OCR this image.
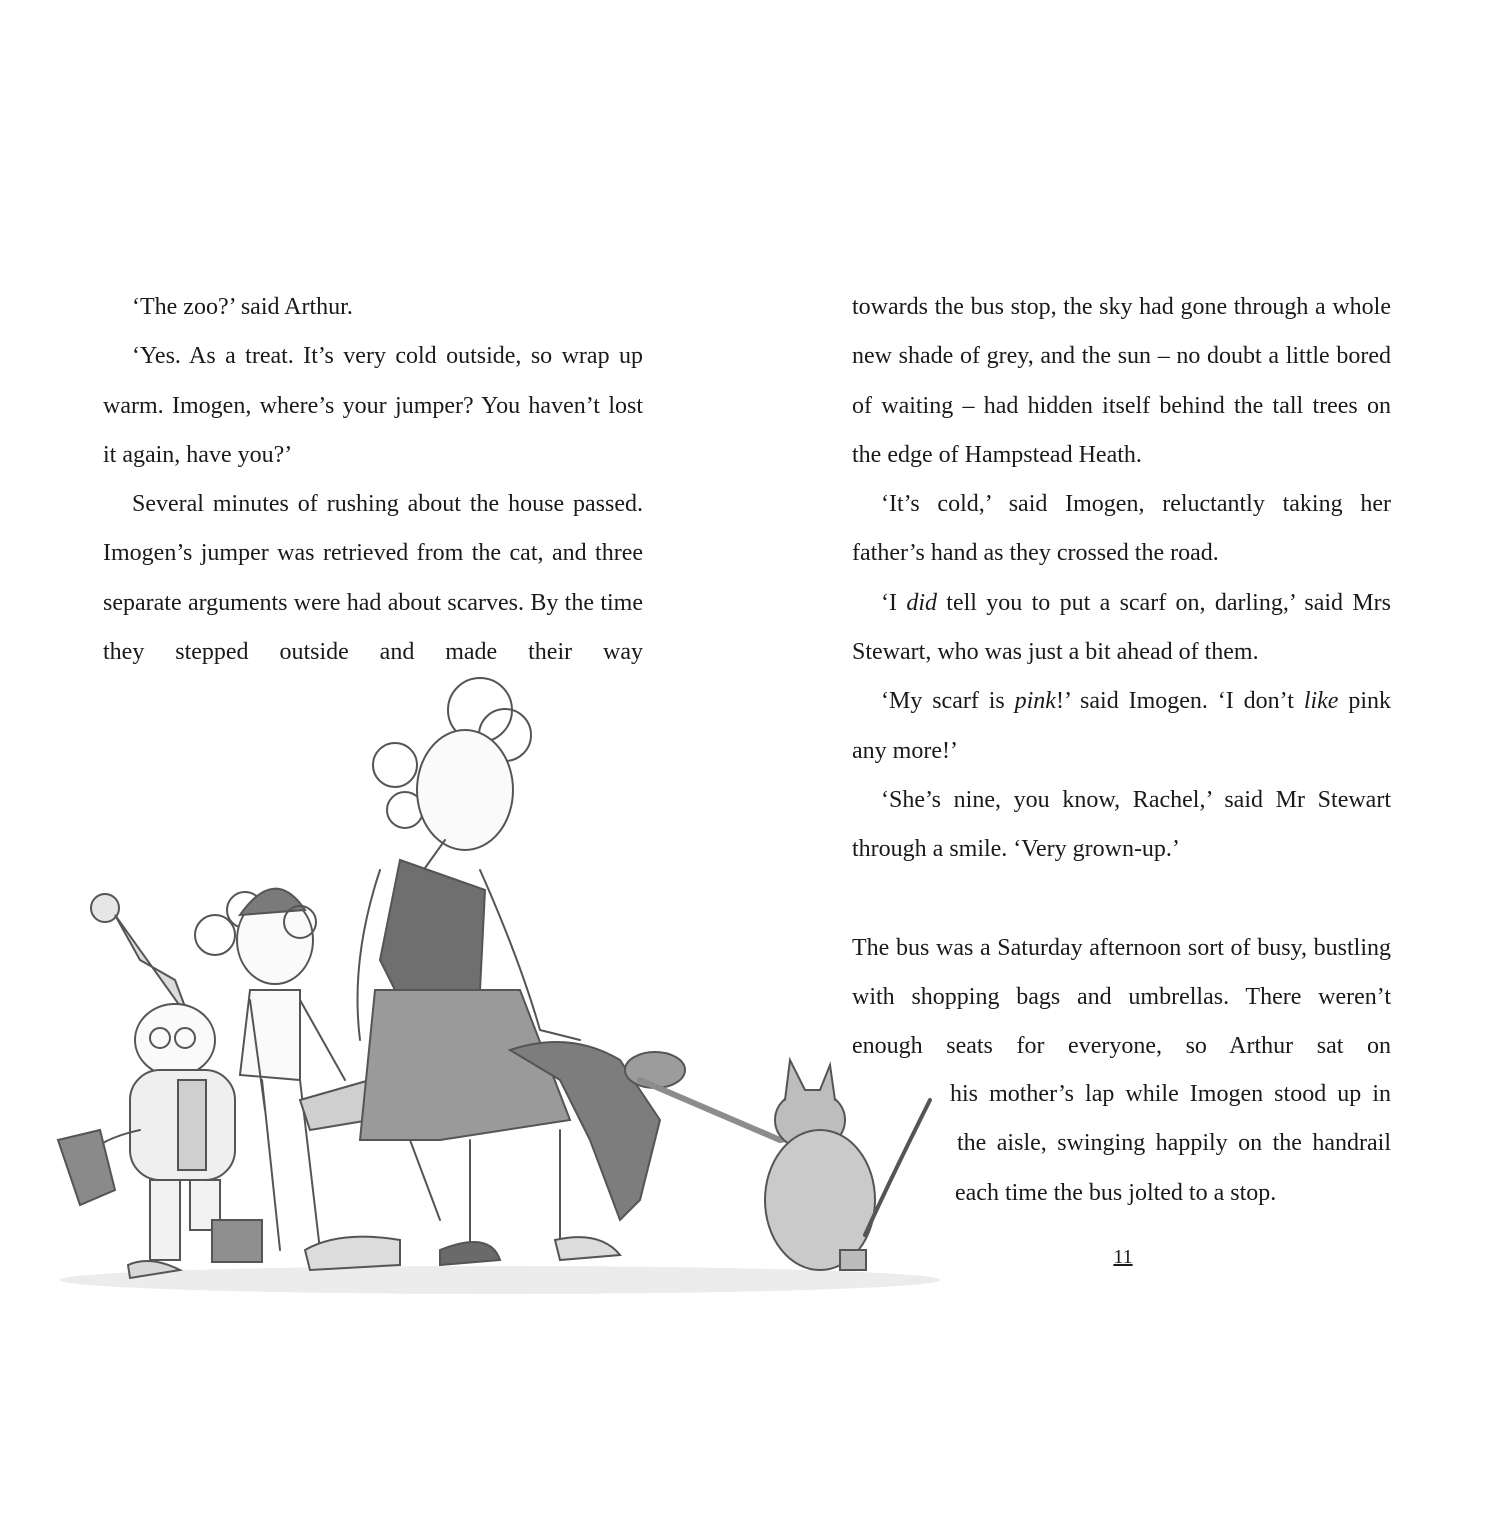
‘The zoo?’ said Arthur.

‘Yes. As a treat. It’s very cold outside, so wrap up warm. Imogen, where’s your jumper? You haven’t lost it again, have you?’

Several minutes of rushing about the house passed. Imogen’s jumper was retrieved from the cat, and three separate arguments were had about scarves. By the time they stepped outside and made their way

towards the bus stop, the sky had gone through a whole new shade of grey, and the sun – no doubt a little bored of waiting – had hidden itself behind the tall trees on the edge of Hampstead Heath.

‘It’s cold,’ said Imogen, reluctantly taking her father’s hand as they crossed the road.

‘I did tell you to put a scarf on, darling,’ said Mrs Stewart, who was just a bit ahead of them.

‘My scarf is pink!’ said Imogen. ‘I don’t like pink any more!’

‘She’s nine, you know, Rachel,’ said Mr Stewart through a smile. ‘Very grown-up.’

The bus was a Saturday afternoon sort of busy, bustling with shopping bags and umbrellas. There weren’t enough seats for everyone, so Arthur sat on

his mother’s lap while Imogen stood up in

the aisle, swinging happily on the handrail

each time the bus jolted to a stop.

11
